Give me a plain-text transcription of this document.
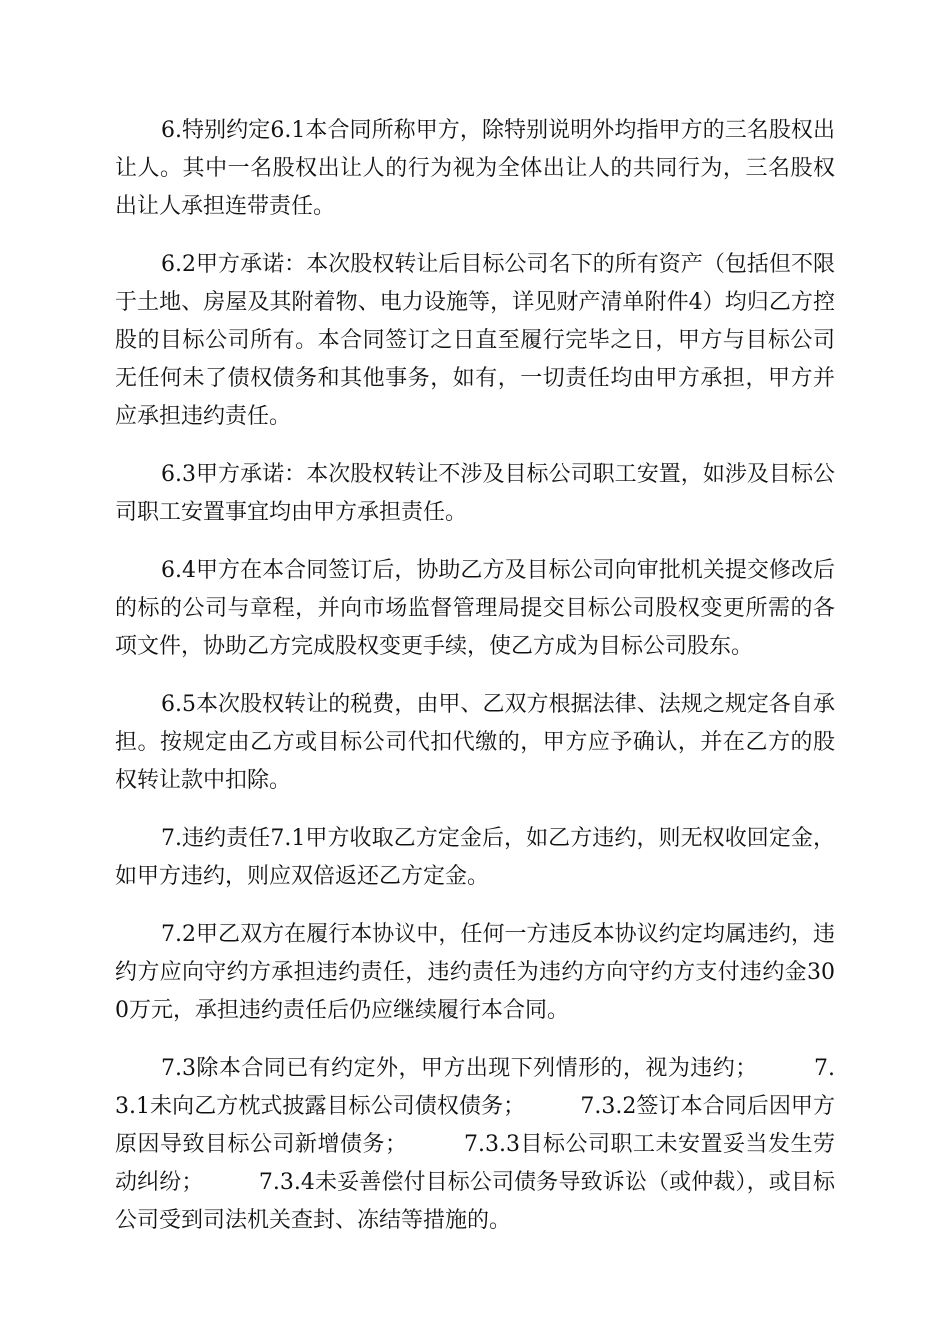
6.特别约定6.1本合同所称甲方，除特别说明外均指甲方的三名股权出让人。其中一名股权出让人的行为视为全体出让人的共同行为，三名股权出让人承担连带责任。

6.2甲方承诺：本次股权转让后目标公司名下的所有资产（包括但不限于土地、房屋及其附着物、电力设施等，详见财产清单附件4）均归乙方控股的目标公司所有。本合同签订之日直至履行完毕之日，甲方与目标公司无任何未了债权债务和其他事务，如有，一切责任均由甲方承担，甲方并应承担违约责任。

6.3甲方承诺：本次股权转让不涉及目标公司职工安置，如涉及目标公司职工安置事宜均由甲方承担责任。

6.4甲方在本合同签订后，协助乙方及目标公司向审批机关提交修改后的标的公司与章程，并向市场监督管理局提交目标公司股权变更所需的各项文件，协助乙方完成股权变更手续，使乙方成为目标公司股东。

6.5本次股权转让的税费，由甲、乙双方根据法律、法规之规定各自承担。按规定由乙方或目标公司代扣代缴的，甲方应予确认，并在乙方的股权转让款中扣除。

7.违约责任7.1甲方收取乙方定金后，如乙方违约，则无权收回定金，如甲方违约，则应双倍返还乙方定金。

7.2甲乙双方在履行本协议中，任何一方违反本协议约定均属违约，违约方应向守约方承担违约责任，违约责任为违约方向守约方支付违约金300万元，承担违约责任后仍应继续履行本合同。

7.3除本合同已有约定外，甲方出现下列情形的，视为违约；　　　7.3.1未向乙方枕式披露目标公司债权债务；　　　7.3.2签订本合同后因甲方原因导致目标公司新增债务；　　　7.3.3目标公司职工未安置妥当发生劳动纠纷；　　　7.3.4未妥善偿付目标公司债务导致诉讼（或仲裁），或目标公司受到司法机关查封、冻结等措施的。
